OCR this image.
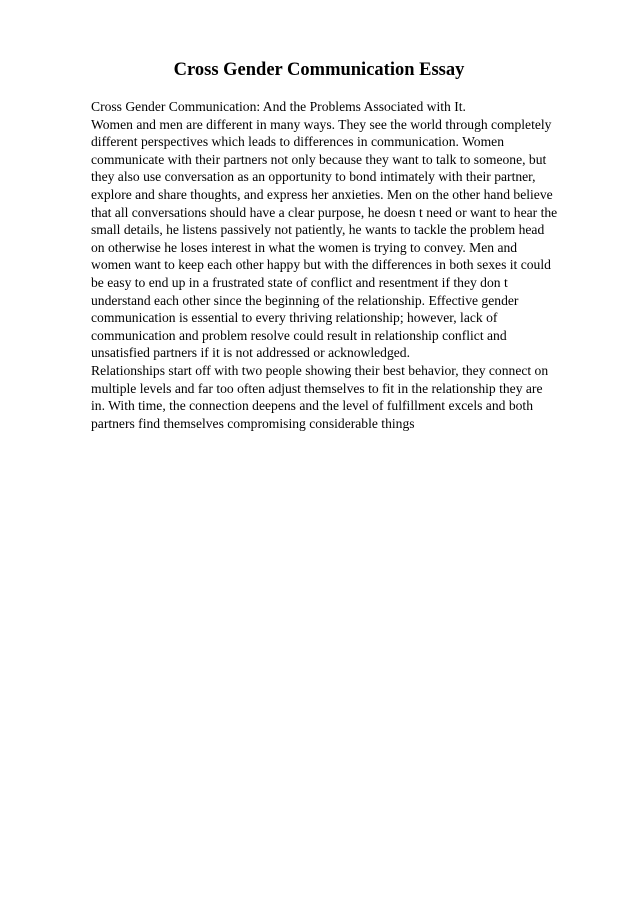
Cross Gender Communication Essay
Cross Gender Communication: And the Problems Associated with It.
Women and men are different in many ways. They see the world through completely
different perspectives which leads to differences in communication. Women
communicate with their partners not only because they want to talk to someone, but
they also use conversation as an opportunity to bond intimately with their partner,
explore and share thoughts, and express her anxieties. Men on the other hand believe
that all conversations should have a clear purpose, he doesn t need or want to hear the
small details, he listens passively not patiently, he wants to tackle the problem head
on otherwise he loses interest in what the women is trying to convey. Men and
women want to keep each other happy but with the differences in both sexes it could
be easy to end up in a frustrated state of conflict and resentment if they don t
understand each other since the beginning of the relationship. Effective gender
communication is essential to every thriving relationship; however, lack of
communication and problem resolve could result in relationship conflict and
unsatisfied partners if it is not addressed or acknowledged.
Relationships start off with two people showing their best behavior, they connect on
multiple levels and far too often adjust themselves to fit in the relationship they are
in. With time, the connection deepens and the level of fulfillment excels and both
partners find themselves compromising considerable things
